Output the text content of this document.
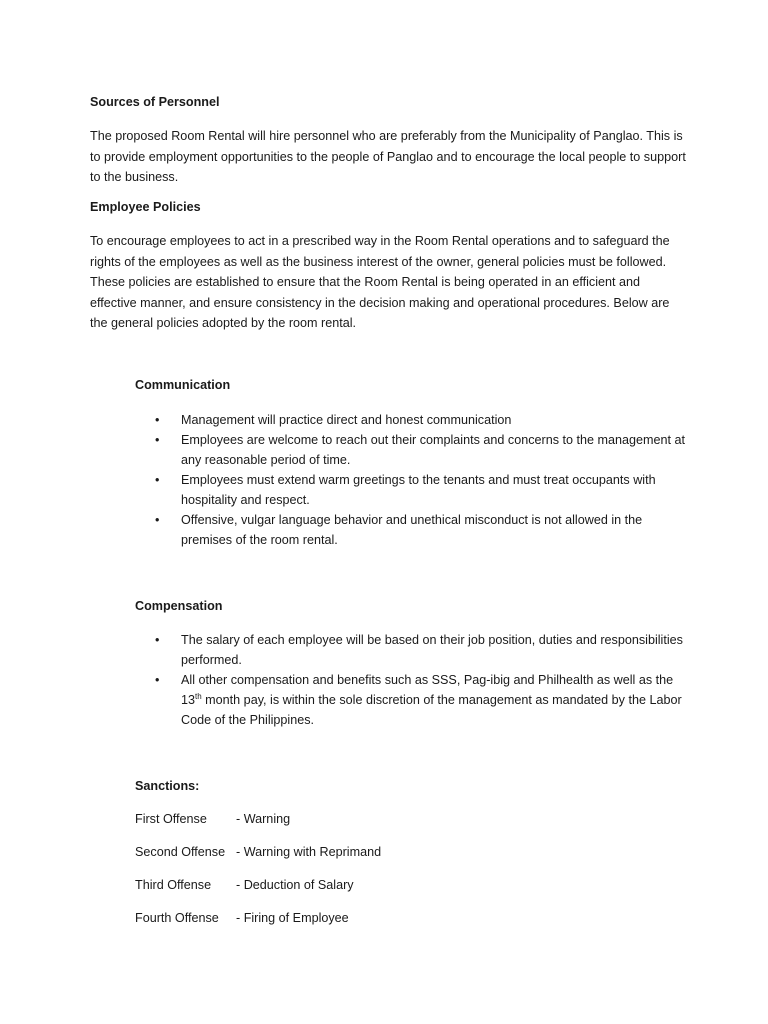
Sources of Personnel

The proposed Room Rental will hire personnel who are preferably from the Municipality of Panglao. This is to provide employment opportunities to the people of Panglao and to encourage the local people to support to the business.

Employee Policies

To encourage employees to act in a prescribed way in the Room Rental operations and to safeguard the rights of the employees as well as the business interest of the owner, general policies must be followed. These policies are established to ensure that the Room Rental is being operated in an efficient and effective manner, and ensure consistency in the decision making and operational procedures. Below are the general policies adopted by the room rental.

Communication
• Management will practice direct and honest communication
• Employees are welcome to reach out their complaints and concerns to the management at any reasonable period of time.
• Employees must extend warm greetings to the tenants and must treat occupants with hospitality and respect.
• Offensive, vulgar language behavior and unethical misconduct is not allowed in the premises of the room rental.
Compensation
• The salary of each employee will be based on their job position, duties and responsibilities performed.
• All other compensation and benefits such as SSS, Pag-ibig and Philhealth as well as the 13th month pay, is within the sole discretion of the management as mandated by the Labor Code of the Philippines.
Sanctions:
First Offense - Warning
Second Offense - Warning with Reprimand
Third Offense - Deduction of Salary
Fourth Offense - Firing of Employee
